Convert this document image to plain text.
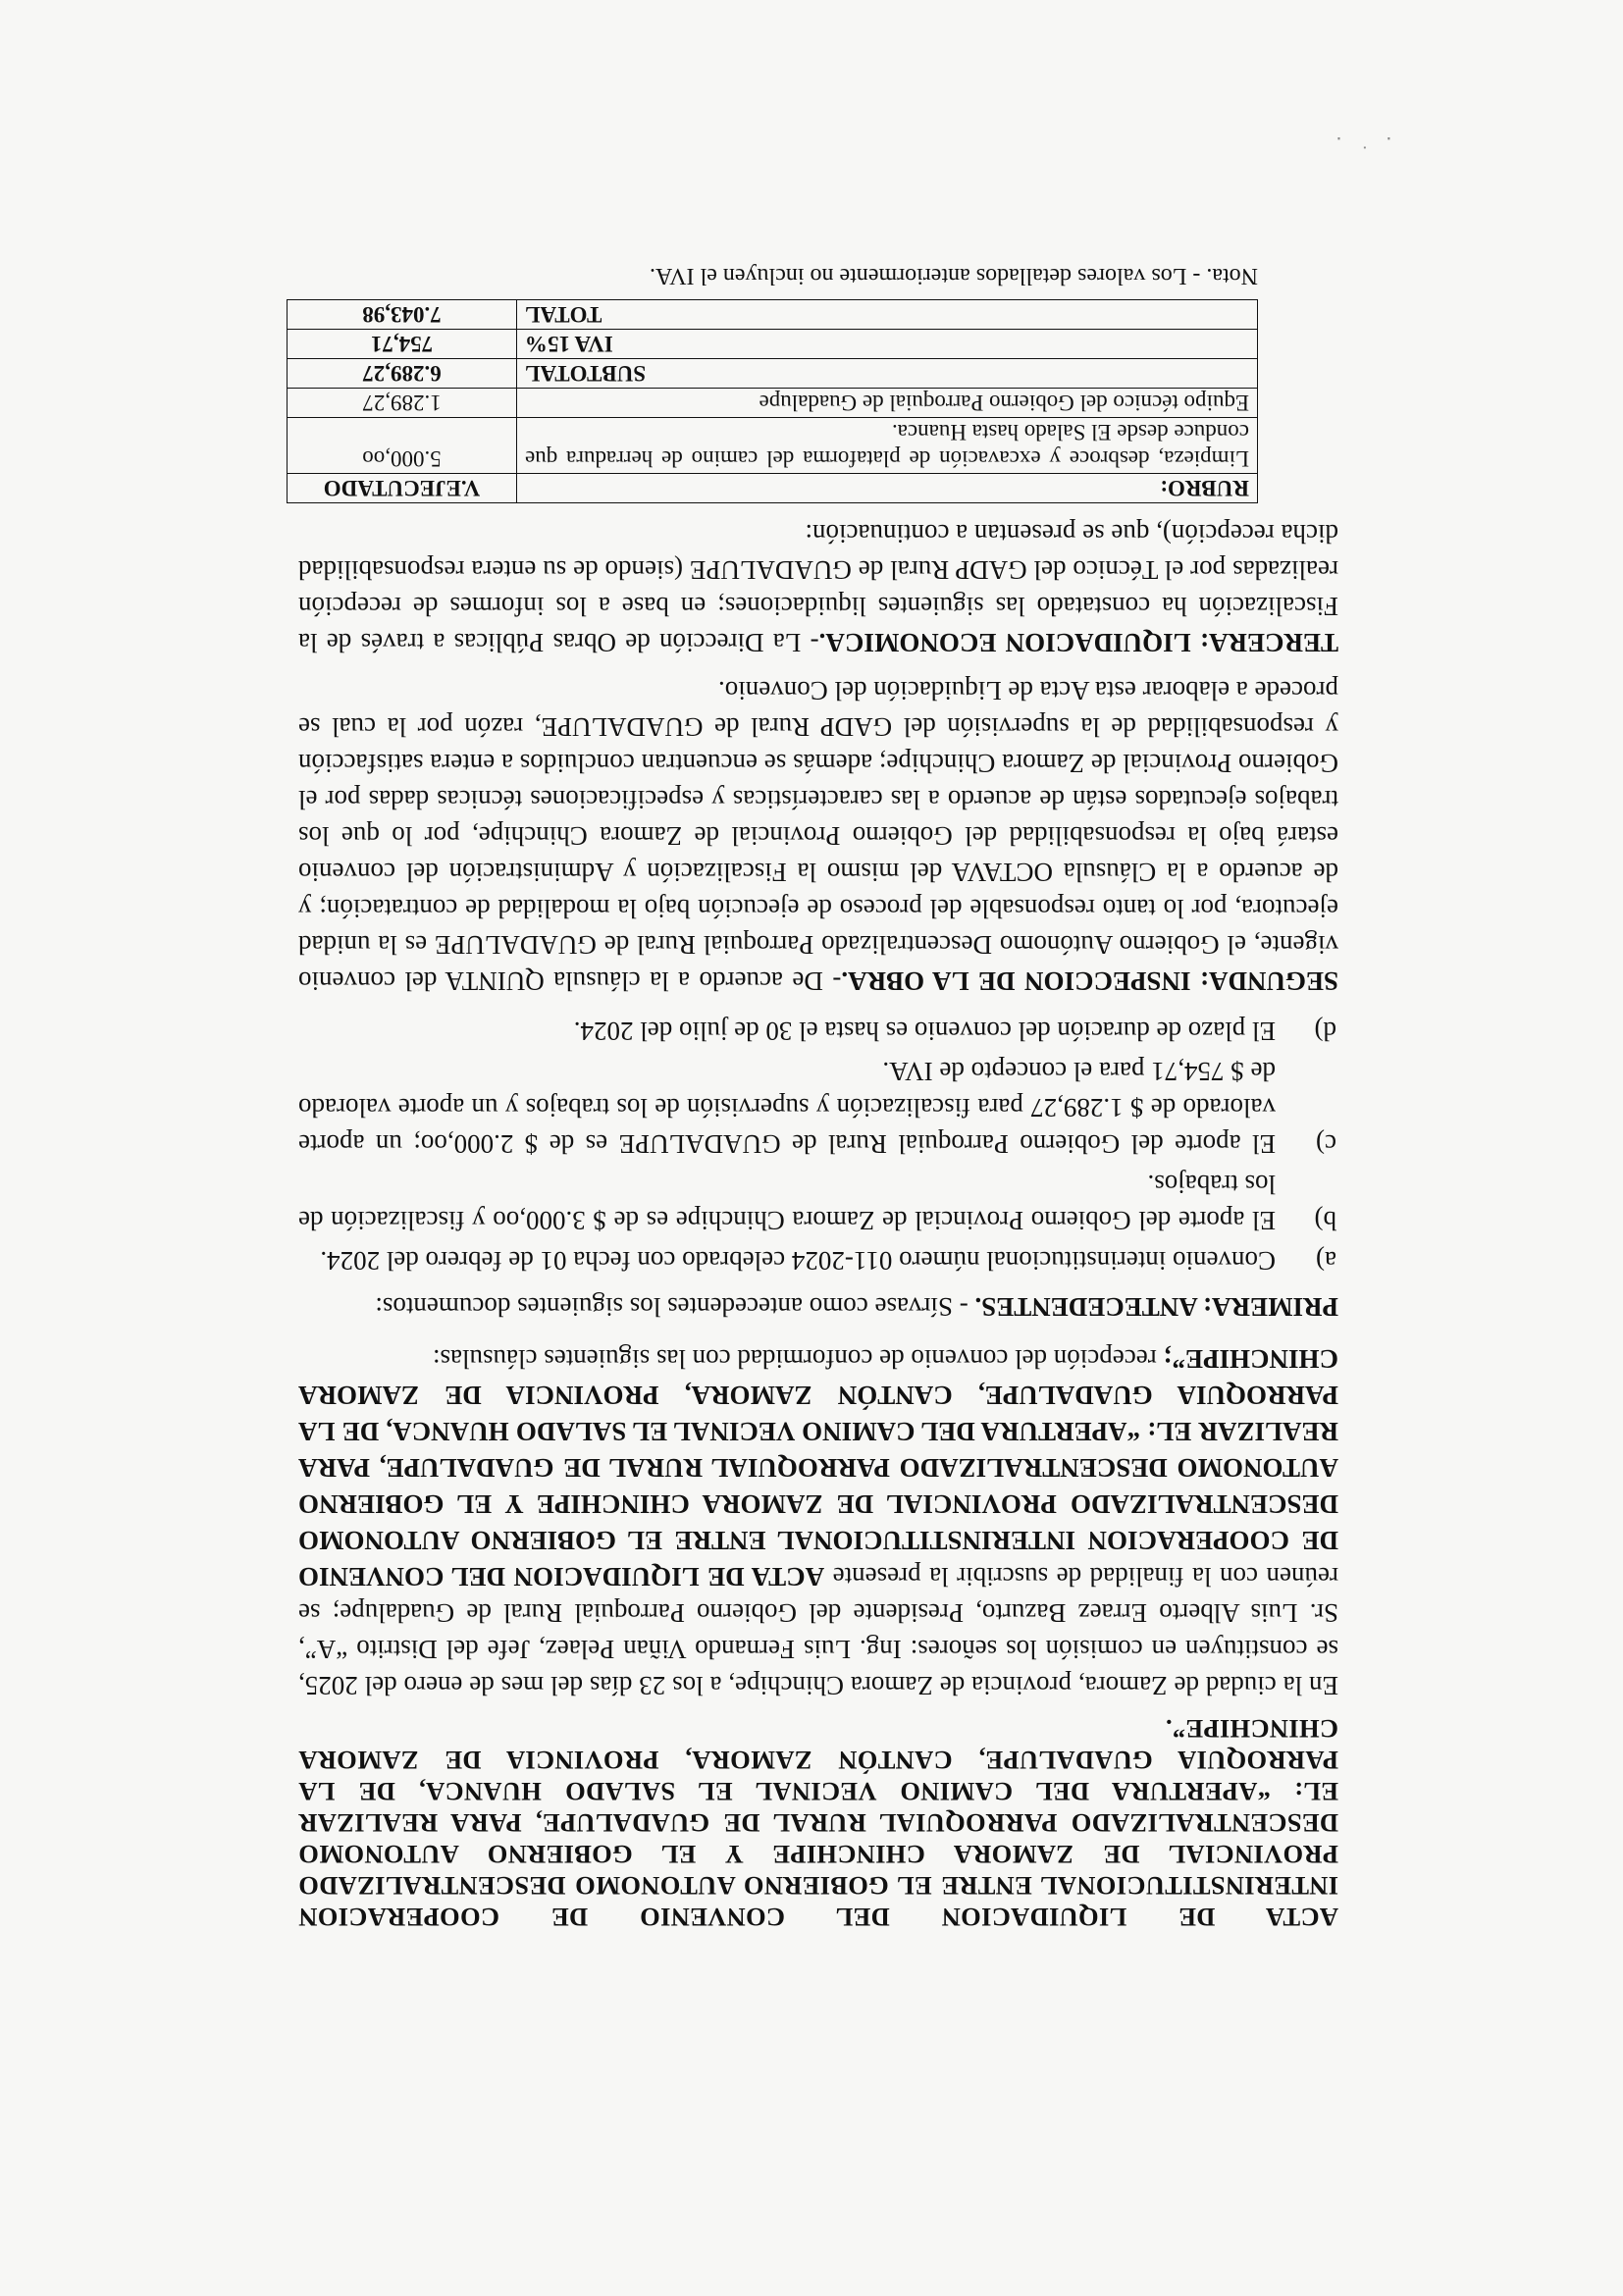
ACTA DE LIQUIDACION DEL CONVENIO DE COOPERACION INTERINSTITUCIONAL ENTRE EL GOBIERNO AUTONOMO DESCENTRALIZADO PROVINCIAL DE ZAMORA CHINCHIPE Y EL GOBIERNO AUTONOMO DESCENTRALIZADO PARROQUIAL RURAL DE GUADALUPE, PARA REALIZAR EL: “APERTURA DEL CAMINO VECINAL EL SALADO HUANCA, DE LA PARROQUIA GUADALUPE, CANTÓN ZAMORA, PROVINCIA DE ZAMORA CHINCHIPE”.

En la ciudad de Zamora, provincia de Zamora Chinchipe, a los 23 días del mes de enero del 2025, se constituyen en comisión los señores: Ing. Luis Fernando Viñan Pelaez, Jefe del Distrito “A”, Sr. Luis Alberto Erraez Bazurto, Presidente del Gobierno Parroquial Rural de Guadalupe; se reúnen con la finalidad de suscribir la presente ACTA DE LIQUIDACION DEL CONVENIO DE COOPERACION INTERINSTITUCIONAL ENTRE EL GOBIERNO AUTONOMO DESCENTRALIZADO PROVINCIAL DE ZAMORA CHINCHIPE Y EL GOBIERNO AUTONOMO DESCENTRALIZADO PARROQUIAL RURAL DE GUADALUPE, PARA REALIZAR EL: “APERTURA DEL CAMINO VECINAL EL SALADO HUANCA, DE LA PARROQUIA GUADALUPE, CANTÓN ZAMORA, PROVINCIA DE ZAMORA CHINCHIPE”; recepción del convenio de conformidad con las siguientes cláusulas:

PRIMERA: ANTECEDENTES. - Sírvase como antecedentes los siguientes documentos:

a)
Convenio interinstitucional número 011-2024 celebrado con fecha 01 de febrero del 2024.
b)
El aporte del Gobierno Provincial de Zamora Chinchipe es de $ 3.000,oo y fiscalización de los trabajos.
c)
El aporte del Gobierno Parroquial Rural de GUADALUPE es de $ 2.000,oo; un aporte valorado de $ 1.289,27 para fiscalización y supervisión de los trabajos y un aporte valorado de $ 754,71 para el concepto de IVA.
d)
El plazo de duración del convenio es hasta el 30 de julio del 2024.

SEGUNDA: INSPECCION DE LA OBRA.- De acuerdo a la cláusula QUINTA del convenio vigente, el Gobierno Autónomo Descentralizado Parroquial Rural de GUADALUPE es la unidad ejecutora, por lo tanto responsable del proceso de ejecución bajo la modalidad de contratación; y de acuerdo a la Cláusula OCTAVA del mismo la Fiscalización y Administración del convenio estará bajo la responsabilidad del Gobierno Provincial de Zamora Chinchipe, por lo que los trabajos ejecutados están de acuerdo a las características y especificaciones técnicas dadas por el Gobierno Provincial de Zamora Chinchipe; además se encuentran concluidos a entera satisfacción y responsabilidad de la supervisión del GADP Rural de GUADALUPE, razón por la cual se procede a elaborar esta Acta de Liquidación del Convenio.

TERCERA: LIQUIDACION ECONOMICA.- La Dirección de Obras Públicas a través de la Fiscalización ha constatado las siguientes liquidaciones; en base a los informes de recepción realizadas por el Técnico del GADP Rural de GUADALUPE (siendo de su entera responsabilidad dicha recepción), que se presentan a continuación:

RUBRO:	V.EJECUTADO
Limpieza, desbroce y excavación de plataforma del camino de herradura que conduce desde El Salado hasta Huanca.	5.000,oo
Equipo técnico del Gobierno Parroquial de Guadalupe	1.289,27
SUBTOTAL	6.289,27
IVA 15%	754,71
TOTAL	7.043,98

Nota. - Los valores detallados anteriormente no incluyen el IVA.

· ˙ ·
